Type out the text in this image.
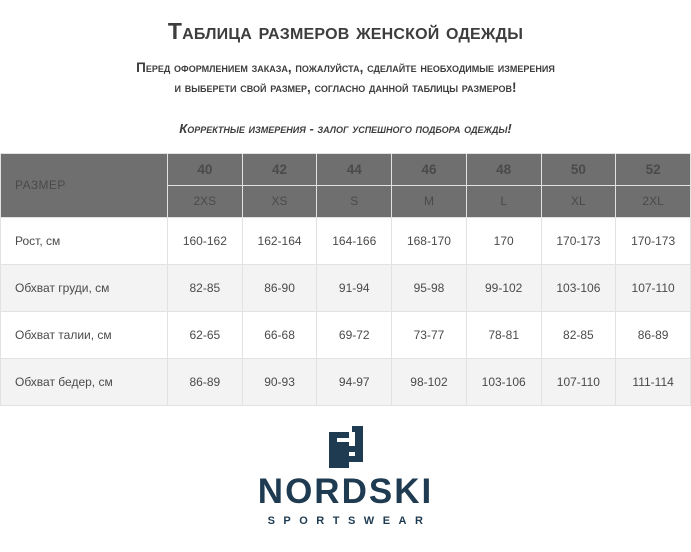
Таблица размеров женской одежды

Перед оформлением заказа, пожалуйста, сделайте необходимые измерения
и выберети свой размер, согласно данной таблицы размеров!

Корректные измерения - залог успешного подбора одежды!

РАЗМЕР	40	42	44	46	48	50	52
	2XS	XS	S	M	L	XL	2XL
Рост, см	160-162	162-164	164-166	168-170	170	170-173	170-173
Обхват груди, см	82-85	86-90	91-94	95-98	99-102	103-106	107-110
Обхват талии, см	62-65	66-68	69-72	73-77	78-81	82-85	86-89
Обхват бедер, см	86-89	90-93	94-97	98-102	103-106	107-110	111-114
NORDSKI
SPORTSWEAR
